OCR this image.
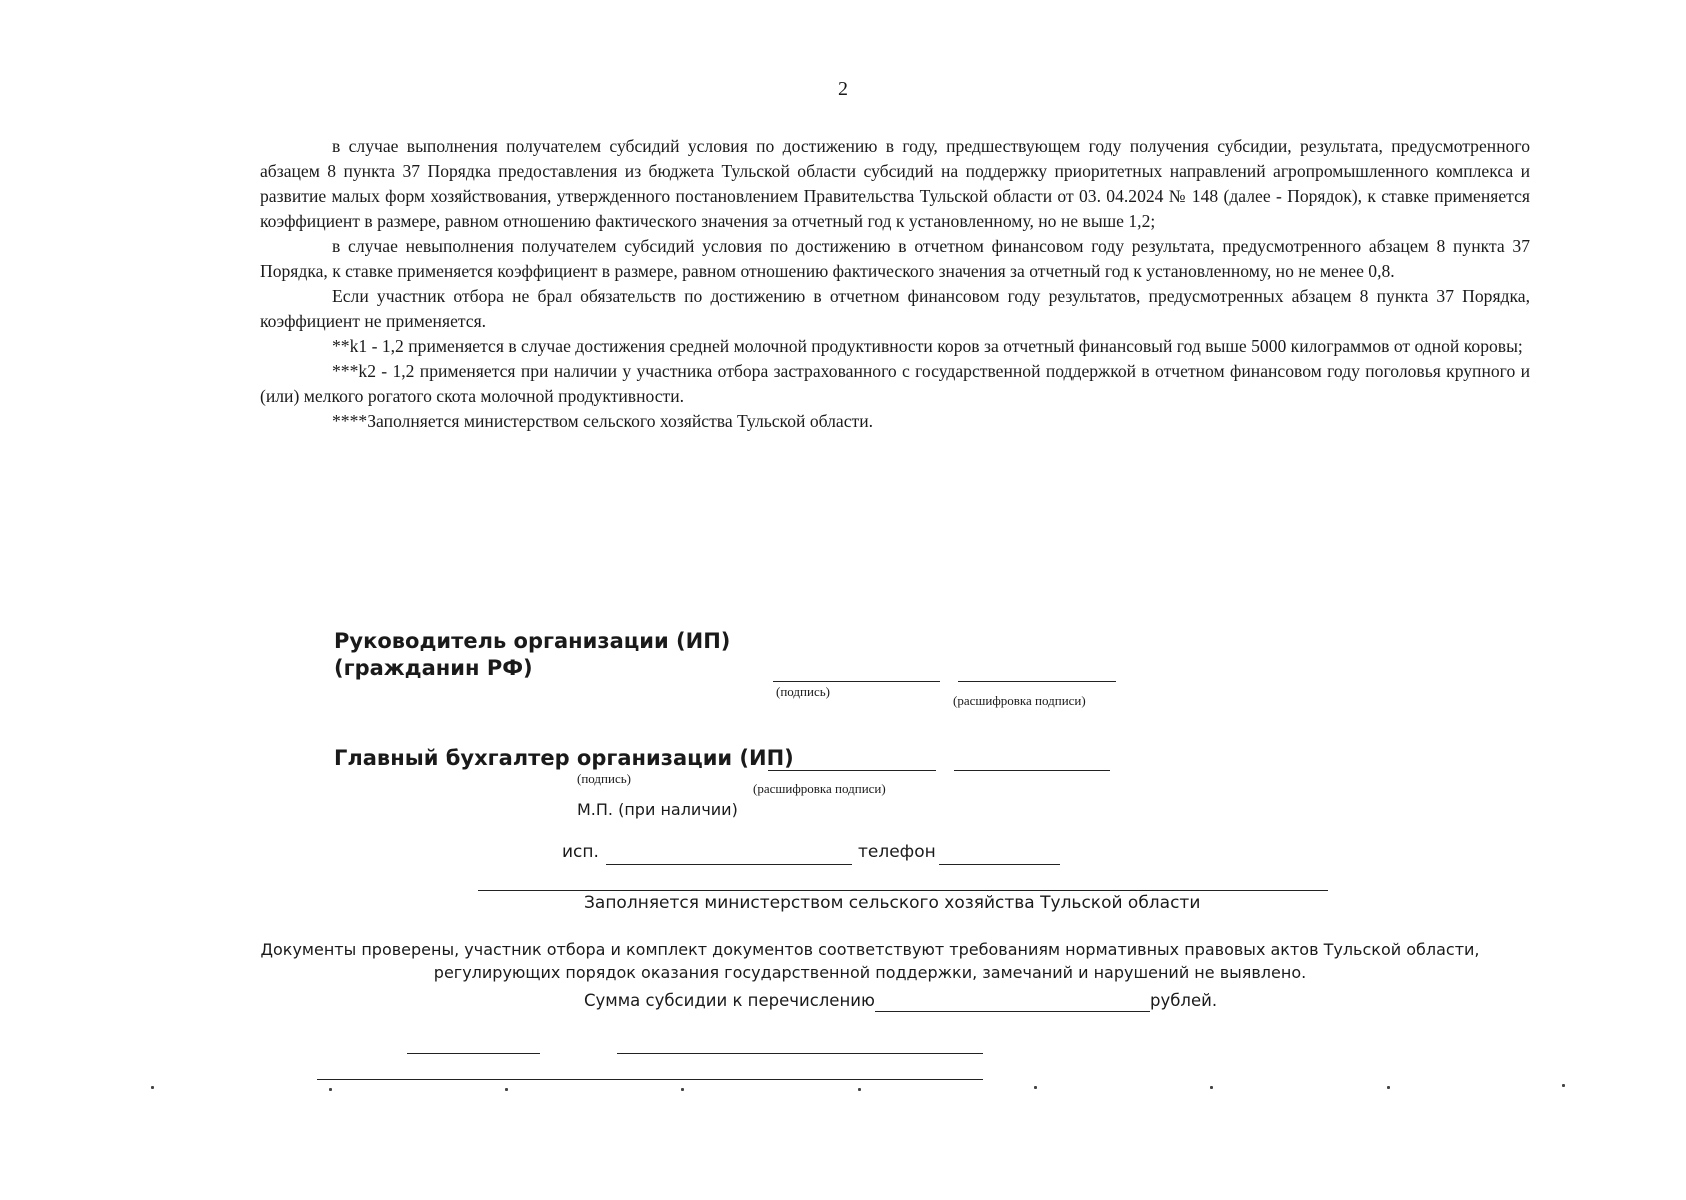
2

в случае выполнения получателем субсидий условия по достижению в году, предшествующем году получения субсидии, результата, предусмотренного абзацем 8 пункта 37 Порядка предоставления из бюджета Тульской области субсидий на поддержку приоритетных направлений агропромышленного комплекса и развитие малых форм хозяйствования, утвержденного постановлением Правительства Тульской области от 03. 04.2024 № 148 (далее - Порядок), к ставке применяется коэффициент в размере, равном отношению фактического значения за отчетный год к установленному, но не выше 1,2;

в случае невыполнения получателем субсидий условия по достижению в отчетном финансовом году результата, предусмотренного абзацем 8 пункта 37 Порядка, к ставке применяется коэффициент в размере, равном отношению фактического значения за отчетный год к установленному, но не менее 0,8.

Если участник отбора не брал обязательств по достижению в отчетном финансовом году результатов, предусмотренных абзацем 8 пункта 37 Порядка, коэффициент не применяется.

**k1 - 1,2 применяется в случае достижения средней молочной продуктивности коров за отчетный финансовый год выше 5000 килограммов от одной коровы;

***k2 - 1,2 применяется при наличии у участника отбора застрахованного с государственной поддержкой в отчетном финансовом году поголовья крупного и (или) мелкого рогатого скота молочной продуктивности.

****Заполняется министерством сельского хозяйства Тульской области.

Руководитель организации (ИП)
(гражданин РФ)
(подпись)
(расшифровка подписи)
Главный бухгалтер организации (ИП)
(подпись)
(расшифровка подписи)
М.П. (при наличии)
исп.	телефон
Заполняется министерством сельского хозяйства Тульской области
Документы проверены, участник отбора и комплект документов соответствуют требованиям нормативных правовых актов Тульской области,
регулирующих порядок оказания государственной поддержки, замечаний и нарушений не выявлено.
Сумма субсидии к перечислению	рублей.
